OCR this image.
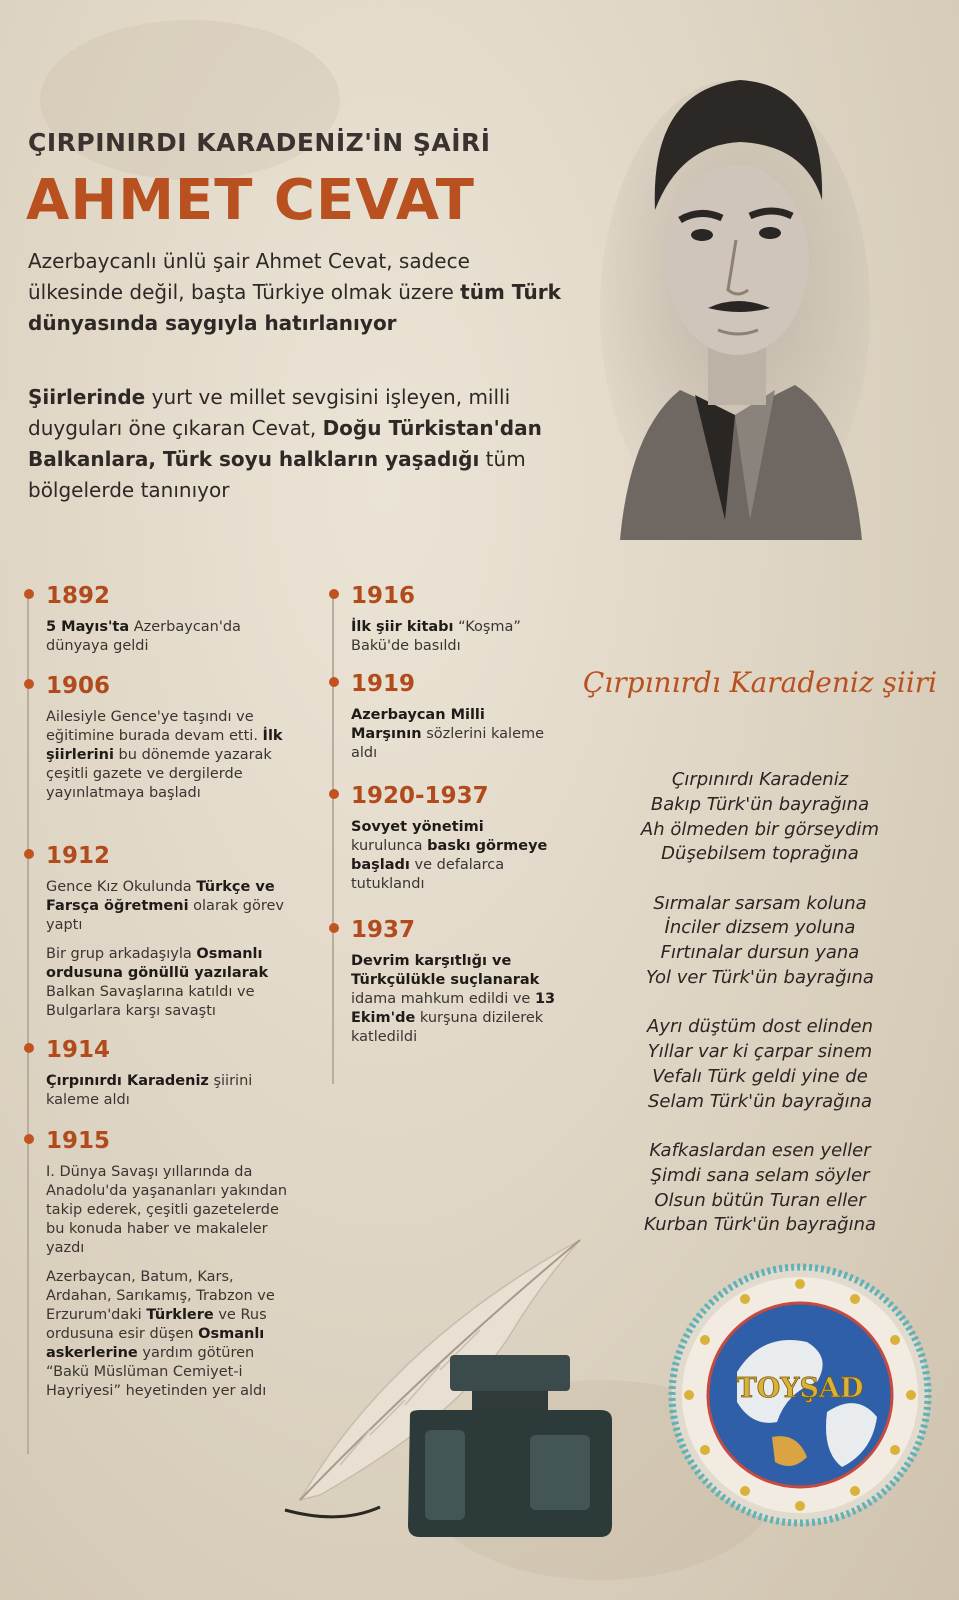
ÇIRPINIRDI KARADENİZ'İN ŞAİRİ
AHMET CEVAT
Azerbaycanlı ünlü şair Ahmet Cevat, sadece ülkesinde değil, başta Türkiye olmak üzere tüm Türk dünyasında saygıyla hatırlanıyor
Şiirlerinde yurt ve millet sevgisini işleyen, milli duyguları öne çıkaran Cevat, Doğu Türkistan'dan Balkanlara, Türk soyu halkların yaşadığı tüm bölgelerde tanınıyor
1892

5 Mayıs'ta Azerbaycan'da dünyaya geldi

1906

Ailesiyle Gence'ye taşındı ve eğitimine burada devam etti. İlk şiirlerini bu dönemde yazarak çeşitli gazete ve dergilerde yayınlatmaya başladı

1912

Gence Kız Okulunda Türkçe ve Farsça öğretmeni olarak görev yaptı

Bir grup arkadaşıyla Osmanlı ordusuna gönüllü yazılarak Balkan Savaşlarına katıldı ve Bulgarlara karşı savaştı

1914

Çırpınırdı Karadeniz şiirini kaleme aldı

1915

I. Dünya Savaşı yıllarında da Anadolu'da yaşananları yakından takip ederek, çeşitli gazetelerde bu konuda haber ve makaleler yazdı

Azerbaycan, Batum, Kars, Ardahan, Sarıkamış, Trabzon ve Erzurum'daki Türklere ve Rus ordusuna esir düşen Osmanlı askerlerine yardım götüren “Bakü Müslüman Cemiyet-i Hayriyesi” heyetinden yer aldı

1916

İlk şiir kitabı “Koşma” Bakü'de basıldı

1919

Azerbaycan Milli Marşının sözlerini kaleme aldı

1920-1937

Sovyet yönetimi kurulunca baskı görmeye başladı ve defalarca tutuklandı

1937

Devrim karşıtlığı ve Türkçülükle suçlanarak idama mahkum edildi ve 13 Ekim'de kurşuna dizilerek katledildi

Çırpınırdı Karadeniz şiiri
Çırpınırdı Karadeniz
Bakıp Türk'ün bayrağına
Ah ölmeden bir görseydim
Düşebilsem toprağına
Sırmalar sarsam koluna
İnciler dizsem yoluna
Fırtınalar dursun yana
Yol ver Türk'ün bayrağına
Ayrı düştüm dost elinden
Yıllar var ki çarpar sinem
Vefalı Türk geldi yine de
Selam Türk'ün bayrağına
Kafkaslardan esen yeller
Şimdi sana selam söyler
Olsun bütün Turan eller
Kurban Türk'ün bayrağına
TOYŞAD
